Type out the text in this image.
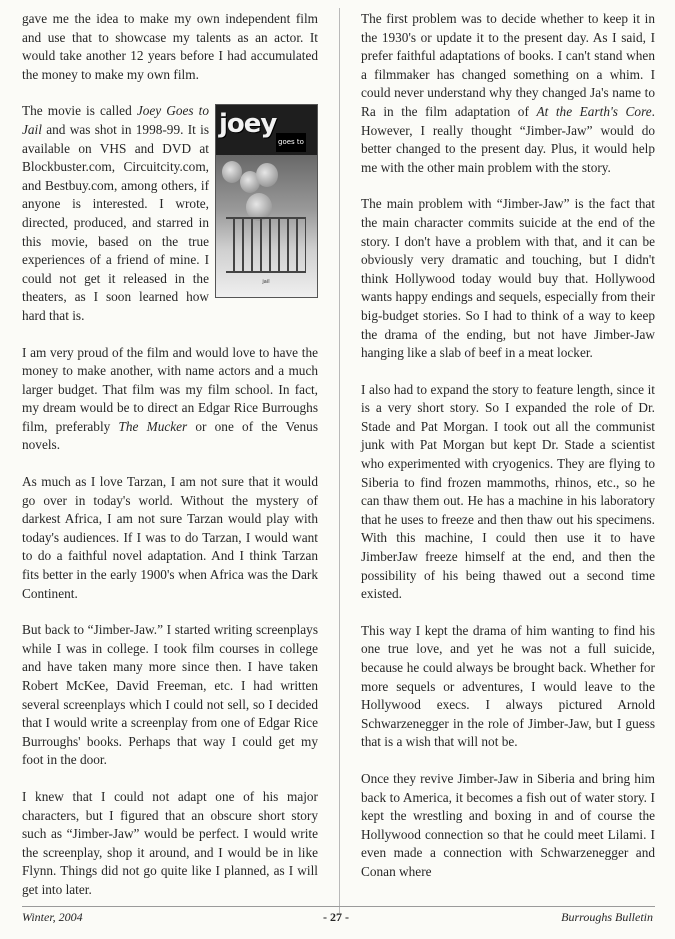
gave me the idea to make my own independent film and use that to showcase my talents as an actor. It would take another 12 years before I had accumulated the money to make my own film.

joey
goes to
jail
The movie is called Joey Goes to Jail and was shot in 1998-99. It is available on VHS and DVD at Blockbuster.com, Circuitcity.com, and Bestbuy.com, among others, if anyone is interested. I wrote, directed, produced, and starred in this movie, based on the true experiences of a friend of mine. I could not get it released in the theaters, as I soon learned how hard that is.

I am very proud of the film and would love to have the money to make another, with name actors and a much larger budget. That film was my film school. In fact, my dream would be to direct an Edgar Rice Burroughs film, preferably The Mucker or one of the Venus novels.

As much as I love Tarzan, I am not sure that it would go over in today's world. Without the mystery of darkest Africa, I am not sure Tarzan would play with today's audiences. If I was to do Tarzan, I would want to do a faithful novel adaptation. And I think Tarzan fits better in the early 1900's when Africa was the Dark Continent.

But back to “Jimber-Jaw.” I started writing screenplays while I was in college. I took film courses in college and have taken many more since then. I have taken Robert McKee, David Freeman, etc. I had written several screenplays which I could not sell, so I decided that I would write a screenplay from one of Edgar Rice Burroughs' books. Perhaps that way I could get my foot in the door.

I knew that I could not adapt one of his major characters, but I figured that an obscure short story such as “Jimber-Jaw” would be perfect. I would write the screenplay, shop it around, and I would be in like Flynn. Things did not go quite like I planned, as I will get into later.

The first problem was to decide whether to keep it in the 1930's or update it to the present day. As I said, I prefer faithful adaptations of books. I can't stand when a filmmaker has changed something on a whim. I could never understand why they changed Ja's name to Ra in the film adaptation of At the Earth's Core. However, I really thought “Jimber-Jaw” would do better changed to the present day. Plus, it would help me with the other main problem with the story.

The main problem with “Jimber-Jaw” is the fact that the main character commits suicide at the end of the story. I don't have a problem with that, and it can be obviously very dramatic and touching, but I didn't think Hollywood today would buy that. Hollywood wants happy endings and sequels, especially from their big-budget stories. So I had to think of a way to keep the drama of the ending, but not have Jimber-Jaw hanging like a slab of beef in a meat locker.

I also had to expand the story to feature length, since it is a very short story. So I expanded the role of Dr. Stade and Pat Morgan. I took out all the communist junk with Pat Morgan but kept Dr. Stade a scientist who experimented with cryogenics. They are flying to Siberia to find frozen mammoths, rhinos, etc., so he can thaw them out. He has a machine in his laboratory that he uses to freeze and then thaw out his specimens. With this machine, I could then use it to have JimberJaw freeze himself at the end, and then the possibility of his being thawed out a second time existed.

This way I kept the drama of him wanting to find his one true love, and yet he was not a full suicide, because he could always be brought back. Whether for more sequels or adventures, I would leave to the Hollywood execs. I always pictured Arnold Schwarzenegger in the role of Jimber-Jaw, but I guess that is a wish that will not be.

Once they revive Jimber-Jaw in Siberia and bring him back to America, it becomes a fish out of water story. I kept the wrestling and boxing in and of course the Hollywood connection so that he could meet Lilami. I even made a connection with Schwarzenegger and Conan where

Winter, 2004	- 27 -	Burroughs Bulletin
